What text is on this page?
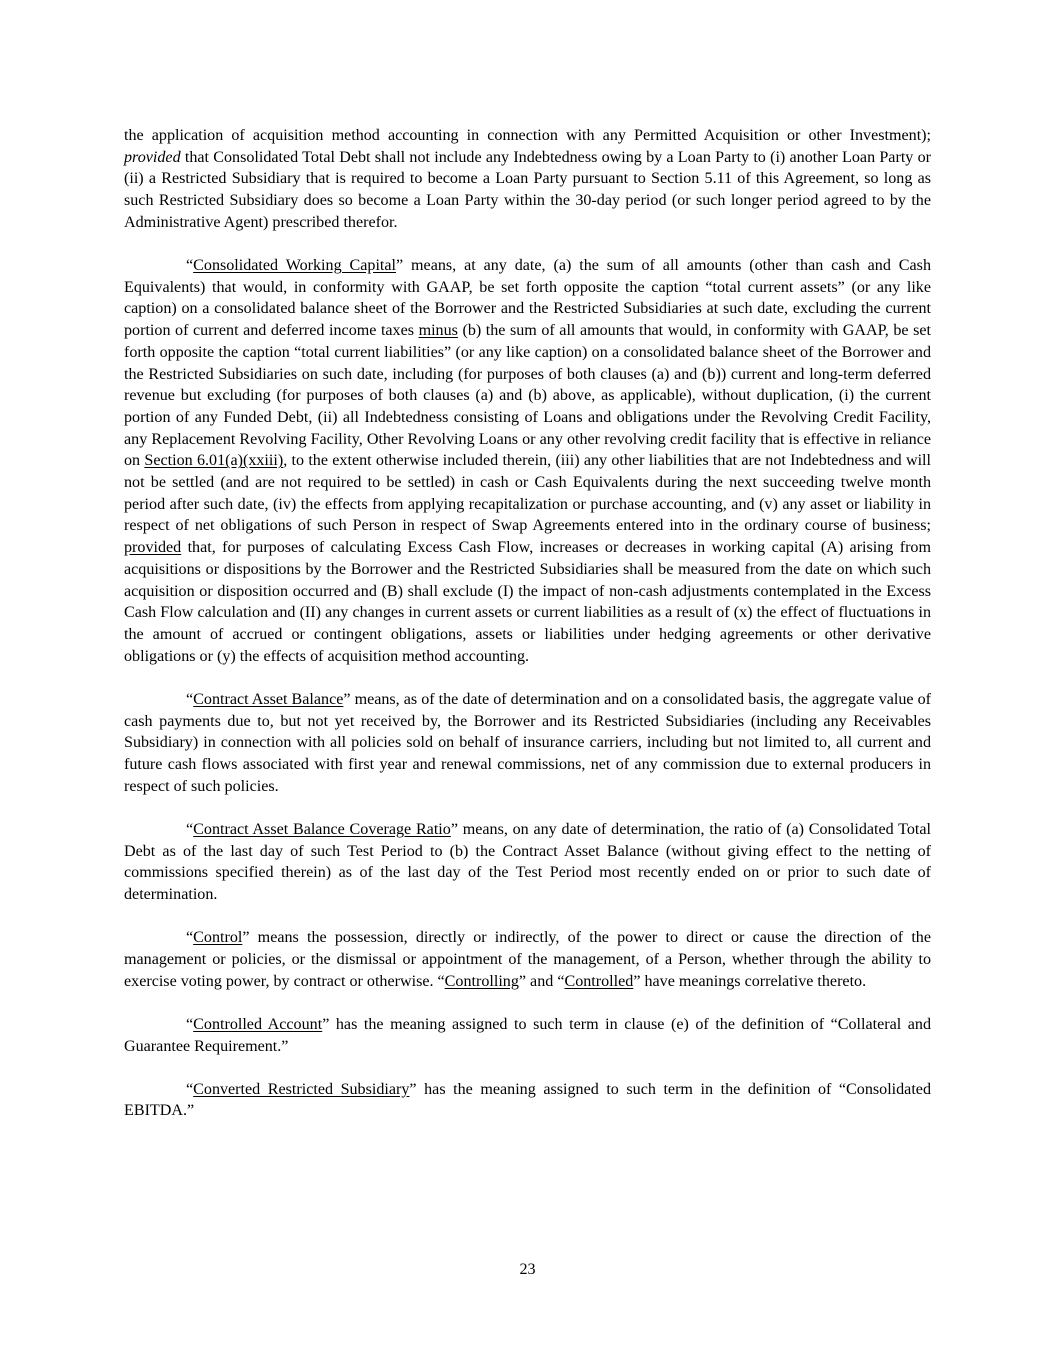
the application of acquisition method accounting in connection with any Permitted Acquisition or other Investment); provided that Consolidated Total Debt shall not include any Indebtedness owing by a Loan Party to (i) another Loan Party or (ii) a Restricted Subsidiary that is required to become a Loan Party pursuant to Section 5.11 of this Agreement, so long as such Restricted Subsidiary does so become a Loan Party within the 30-day period (or such longer period agreed to by the Administrative Agent) prescribed therefor.

“Consolidated Working Capital” means, at any date, (a) the sum of all amounts (other than cash and Cash Equivalents) that would, in conformity with GAAP, be set forth opposite the caption “total current assets” (or any like caption) on a consolidated balance sheet of the Borrower and the Restricted Subsidiaries at such date, excluding the current portion of current and deferred income taxes minus (b) the sum of all amounts that would, in conformity with GAAP, be set forth opposite the caption “total current liabilities” (or any like caption) on a consolidated balance sheet of the Borrower and the Restricted Subsidiaries on such date, including (for purposes of both clauses (a) and (b)) current and long-term deferred revenue but excluding (for purposes of both clauses (a) and (b) above, as applicable), without duplication, (i) the current portion of any Funded Debt, (ii) all Indebtedness consisting of Loans and obligations under the Revolving Credit Facility, any Replacement Revolving Facility, Other Revolving Loans or any other revolving credit facility that is effective in reliance on Section 6.01(a)(xxiii), to the extent otherwise included therein, (iii) any other liabilities that are not Indebtedness and will not be settled (and are not required to be settled) in cash or Cash Equivalents during the next succeeding twelve month period after such date, (iv) the effects from applying recapitalization or purchase accounting, and (v) any asset or liability in respect of net obligations of such Person in respect of Swap Agreements entered into in the ordinary course of business; provided that, for purposes of calculating Excess Cash Flow, increases or decreases in working capital (A) arising from acquisitions or dispositions by the Borrower and the Restricted Subsidiaries shall be measured from the date on which such acquisition or disposition occurred and (B) shall exclude (I) the impact of non-cash adjustments contemplated in the Excess Cash Flow calculation and (II) any changes in current assets or current liabilities as a result of (x) the effect of fluctuations in the amount of accrued or contingent obligations, assets or liabilities under hedging agreements or other derivative obligations or (y) the effects of acquisition method accounting.

“Contract Asset Balance” means, as of the date of determination and on a consolidated basis, the aggregate value of cash payments due to, but not yet received by, the Borrower and its Restricted Subsidiaries (including any Receivables Subsidiary) in connection with all policies sold on behalf of insurance carriers, including but not limited to, all current and future cash flows associated with first year and renewal commissions, net of any commission due to external producers in respect of such policies.

“Contract Asset Balance Coverage Ratio” means, on any date of determination, the ratio of (a) Consolidated Total Debt as of the last day of such Test Period to (b) the Contract Asset Balance (without giving effect to the netting of commissions specified therein) as of the last day of the Test Period most recently ended on or prior to such date of determination.

“Control” means the possession, directly or indirectly, of the power to direct or cause the direction of the management or policies, or the dismissal or appointment of the management, of a Person, whether through the ability to exercise voting power, by contract or otherwise. “Controlling” and “Controlled” have meanings correlative thereto.

“Controlled Account” has the meaning assigned to such term in clause (e) of the definition of “Collateral and Guarantee Requirement.”

“Converted Restricted Subsidiary” has the meaning assigned to such term in the definition of “Consolidated EBITDA.”

23
